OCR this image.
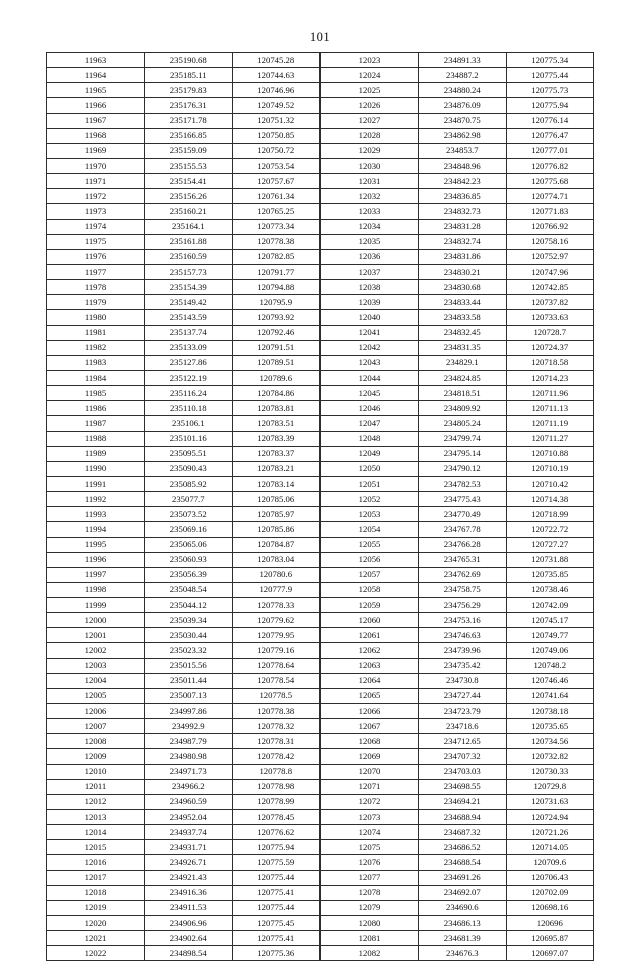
101
11963	235190.68	120745.28
11964	235185.11	120744.63
11965	235179.83	120746.96
11966	235176.31	120749.52
11967	235171.78	120751.32
11968	235166.85	120750.85
11969	235159.09	120750.72
11970	235155.53	120753.54
11971	235154.41	120757.67
11972	235156.26	120761.34
11973	235160.21	120765.25
11974	235164.1	120773.34
11975	235161.88	120778.38
11976	235160.59	120782.85
11977	235157.73	120791.77
11978	235154.39	120794.88
11979	235149.42	120795.9
11980	235143.59	120793.92
11981	235137.74	120792.46
11982	235133.09	120791.51
11983	235127.86	120789.51
11984	235122.19	120789.6
11985	235116.24	120784.86
11986	235110.18	120783.81
11987	235106.1	120783.51
11988	235101.16	120783.39
11989	235095.51	120783.37
11990	235090.43	120783.21
11991	235085.92	120783.14
11992	235077.7	120785.06
11993	235073.52	120785.97
11994	235069.16	120785.86
11995	235065.06	120784.87
11996	235060.93	120783.04
11997	235056.39	120780.6
11998	235048.54	120777.9
11999	235044.12	120778.33
12000	235039.34	120779.62
12001	235030.44	120779.95
12002	235023.32	120779.16
12003	235015.56	120778.64
12004	235011.44	120778.54
12005	235007.13	120778.5
12006	234997.86	120778.38
12007	234992.9	120778.32
12008	234987.79	120778.31
12009	234980.98	120778.42
12010	234971.73	120778.8
12011	234966.2	120778.98
12012	234960.59	120778.99
12013	234952.04	120778.45
12014	234937.74	120776.62
12015	234931.71	120775.94
12016	234926.71	120775.59
12017	234921.43	120775.44
12018	234916.36	120775.41
12019	234911.53	120775.44
12020	234906.96	120775.45
12021	234902.64	120775.41
12022	234898.54	120775.36

12023	234891.33	120775.34
12024	234887.2	120775.44
12025	234880.24	120775.73
12026	234876.09	120775.94
12027	234870.75	120776.14
12028	234862.98	120776.47
12029	234853.7	120777.01
12030	234848.96	120776.82
12031	234842.23	120775.68
12032	234836.85	120774.71
12033	234832.73	120771.83
12034	234831.28	120766.92
12035	234832.74	120758.16
12036	234831.86	120752.97
12037	234830.21	120747.96
12038	234830.68	120742.85
12039	234833.44	120737.82
12040	234833.58	120733.63
12041	234832.45	120728.7
12042	234831.35	120724.37
12043	234829.1	120718.58
12044	234824.85	120714.23
12045	234818.51	120711.96
12046	234809.92	120711.13
12047	234805.24	120711.19
12048	234799.74	120711.27
12049	234795.14	120710.88
12050	234790.12	120710.19
12051	234782.53	120710.42
12052	234775.43	120714.38
12053	234770.49	120718.99
12054	234767.78	120722.72
12055	234766.28	120727.27
12056	234765.31	120731.88
12057	234762.69	120735.85
12058	234758.75	120738.46
12059	234756.29	120742.09
12060	234753.16	120745.17
12061	234746.63	120749.77
12062	234739.96	120749.06
12063	234735.42	120748.2
12064	234730.8	120746.46
12065	234727.44	120741.64
12066	234723.79	120738.18
12067	234718.6	120735.65
12068	234712.65	120734.56
12069	234707.32	120732.82
12070	234703.03	120730.33
12071	234698.55	120729.8
12072	234694.21	120731.63
12073	234688.94	120724.94
12074	234687.32	120721.26
12075	234686.52	120714.05
12076	234688.54	120709.6
12077	234691.26	120706.43
12078	234692.07	120702.09
12079	234690.6	120698.16
12080	234686.13	120696
12081	234681.39	120695.87
12082	234676.3	120697.07
